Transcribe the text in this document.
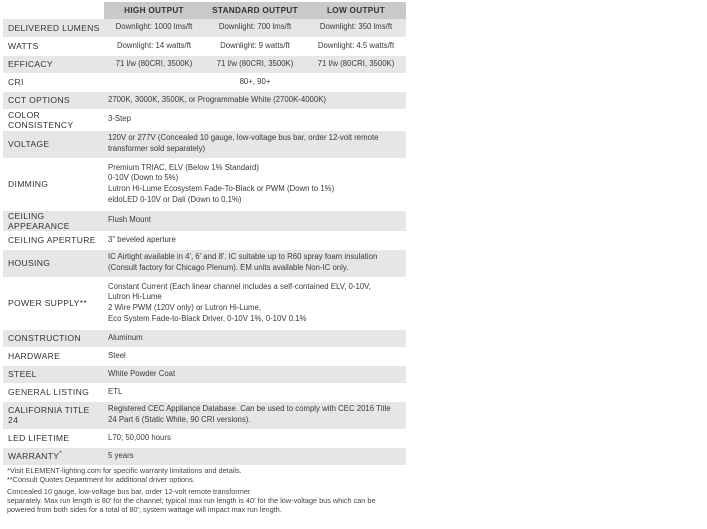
	HIGH OUTPUT	STANDARD OUTPUT	LOW OUTPUT
DELIVERED LUMENS	Downlight: 1000 lms/ft	Downlight: 700 lms/ft	Downlight: 350 lms/ft
WATTS	Downlight: 14 watts/ft	Downlight: 9 watts/ft	Downlight: 4.5 watts/ft
EFFICACY	71 l/w (80CRI, 3500K)	71 l/w (80CRI, 3500K)	71 l/w (80CRI, 3500K)
CRI	80+, 90+		
CCT OPTIONS	2700K, 3000K, 3500K, or Programmable White (2700K-4000K)		
COLOR CONSISTENCY	3-Step		
VOLTAGE	120V or 277V (Concealed 10 gauge, low-voltage bus bar, order 12-volt remote
transformer sold separately)		

DIMMING	Premium TRIAC, ELV (Below 1% Standard)
0-10V (Down to 5%)
Lutron Hi-Lume Ecosystem Fade-To-Black or PWM (Down to 1%)
eldoLED 0-10V or Dali (Down to 0.1%)		

CEILING APPEARANCE	Flush Mount		
CEILING APERTURE	3" beveled aperture		
HOUSING	IC Airtight available in 4', 6' and 8'. IC suitable up to R60 spray foam insulation
(Consult factory for Chicago Plenum). EM units available Non-IC only.		

POWER SUPPLY**	Constant Current (Each linear channel includes a self-contained ELV, 0-10V,
Lutron Hi-Lume
2 Wire PWM (120V only) or Lutron Hi-Lume,
Eco System Fade-to-Black Driver, 0-10V 1%, 0-10V 0.1%		

CONSTRUCTION	Aluminum		
HARDWARE	Steel		
STEEL	White Powder Coat		
GENERAL LISTING	ETL		
CALIFORNIA TITLE 24	Registered CEC Appliance Database. Can be used to comply with CEC 2016 Title
24 Part 6 (Static White, 90 CRI versions).		

LED LIFETIME	L70; 50,000 hours		
WARRANTY*	5 years		
*Visit ELEMENT-lighting.com for specific warranty limitations and details.
**Consult Quotes Department for additional driver options.
Concealed 10 gauge, low-voltage bus bar, order 12-volt remote transformer
separately. Max run length is 80' for the channel; typical max run length is 40' for the low-voltage bus which can be
powered from both sides for a total of 80'; system wattage will impact max run length.
